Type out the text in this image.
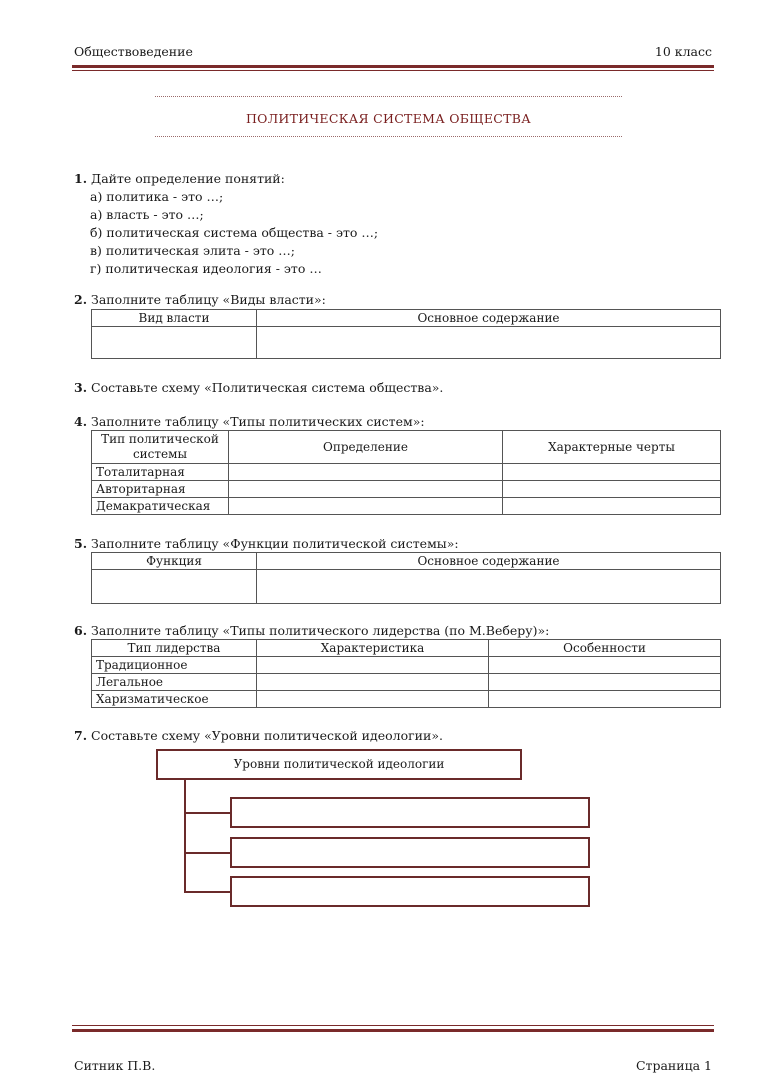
Обществоведение	10 класс
ПОЛИТИЧЕСКАЯ СИСТЕМА ОБЩЕСТВА
1. Дайте определение понятий:
а) политика - это …;
а) власть - это …;
б) политическая система общества - это …;
в) политическая элита - это …;
г) политическая идеология - это …
2. Заполните таблицу «Виды власти»:
Вид власти	Основное содержание

3. Составьте схему «Политическая система общества».
4. Заполните таблицу «Типы политических систем»:
Тип политической системы	Определение	Характерные черты
Тоталитарная		
Авторитарная		
Демакратическая		
5. Заполните таблицу «Функции политической системы»:
Функция	Основное содержание

6. Заполните таблицу «Типы политического лидерства (по М.Веберу)»:
Тип лидерства	Характеристика	Особенности
Традиционное		
Легальное		
Харизматическое		
7. Составьте схему «Уровни политической идеологии».
Уровни политической идеологии
Ситник П.В.	Страница 1
